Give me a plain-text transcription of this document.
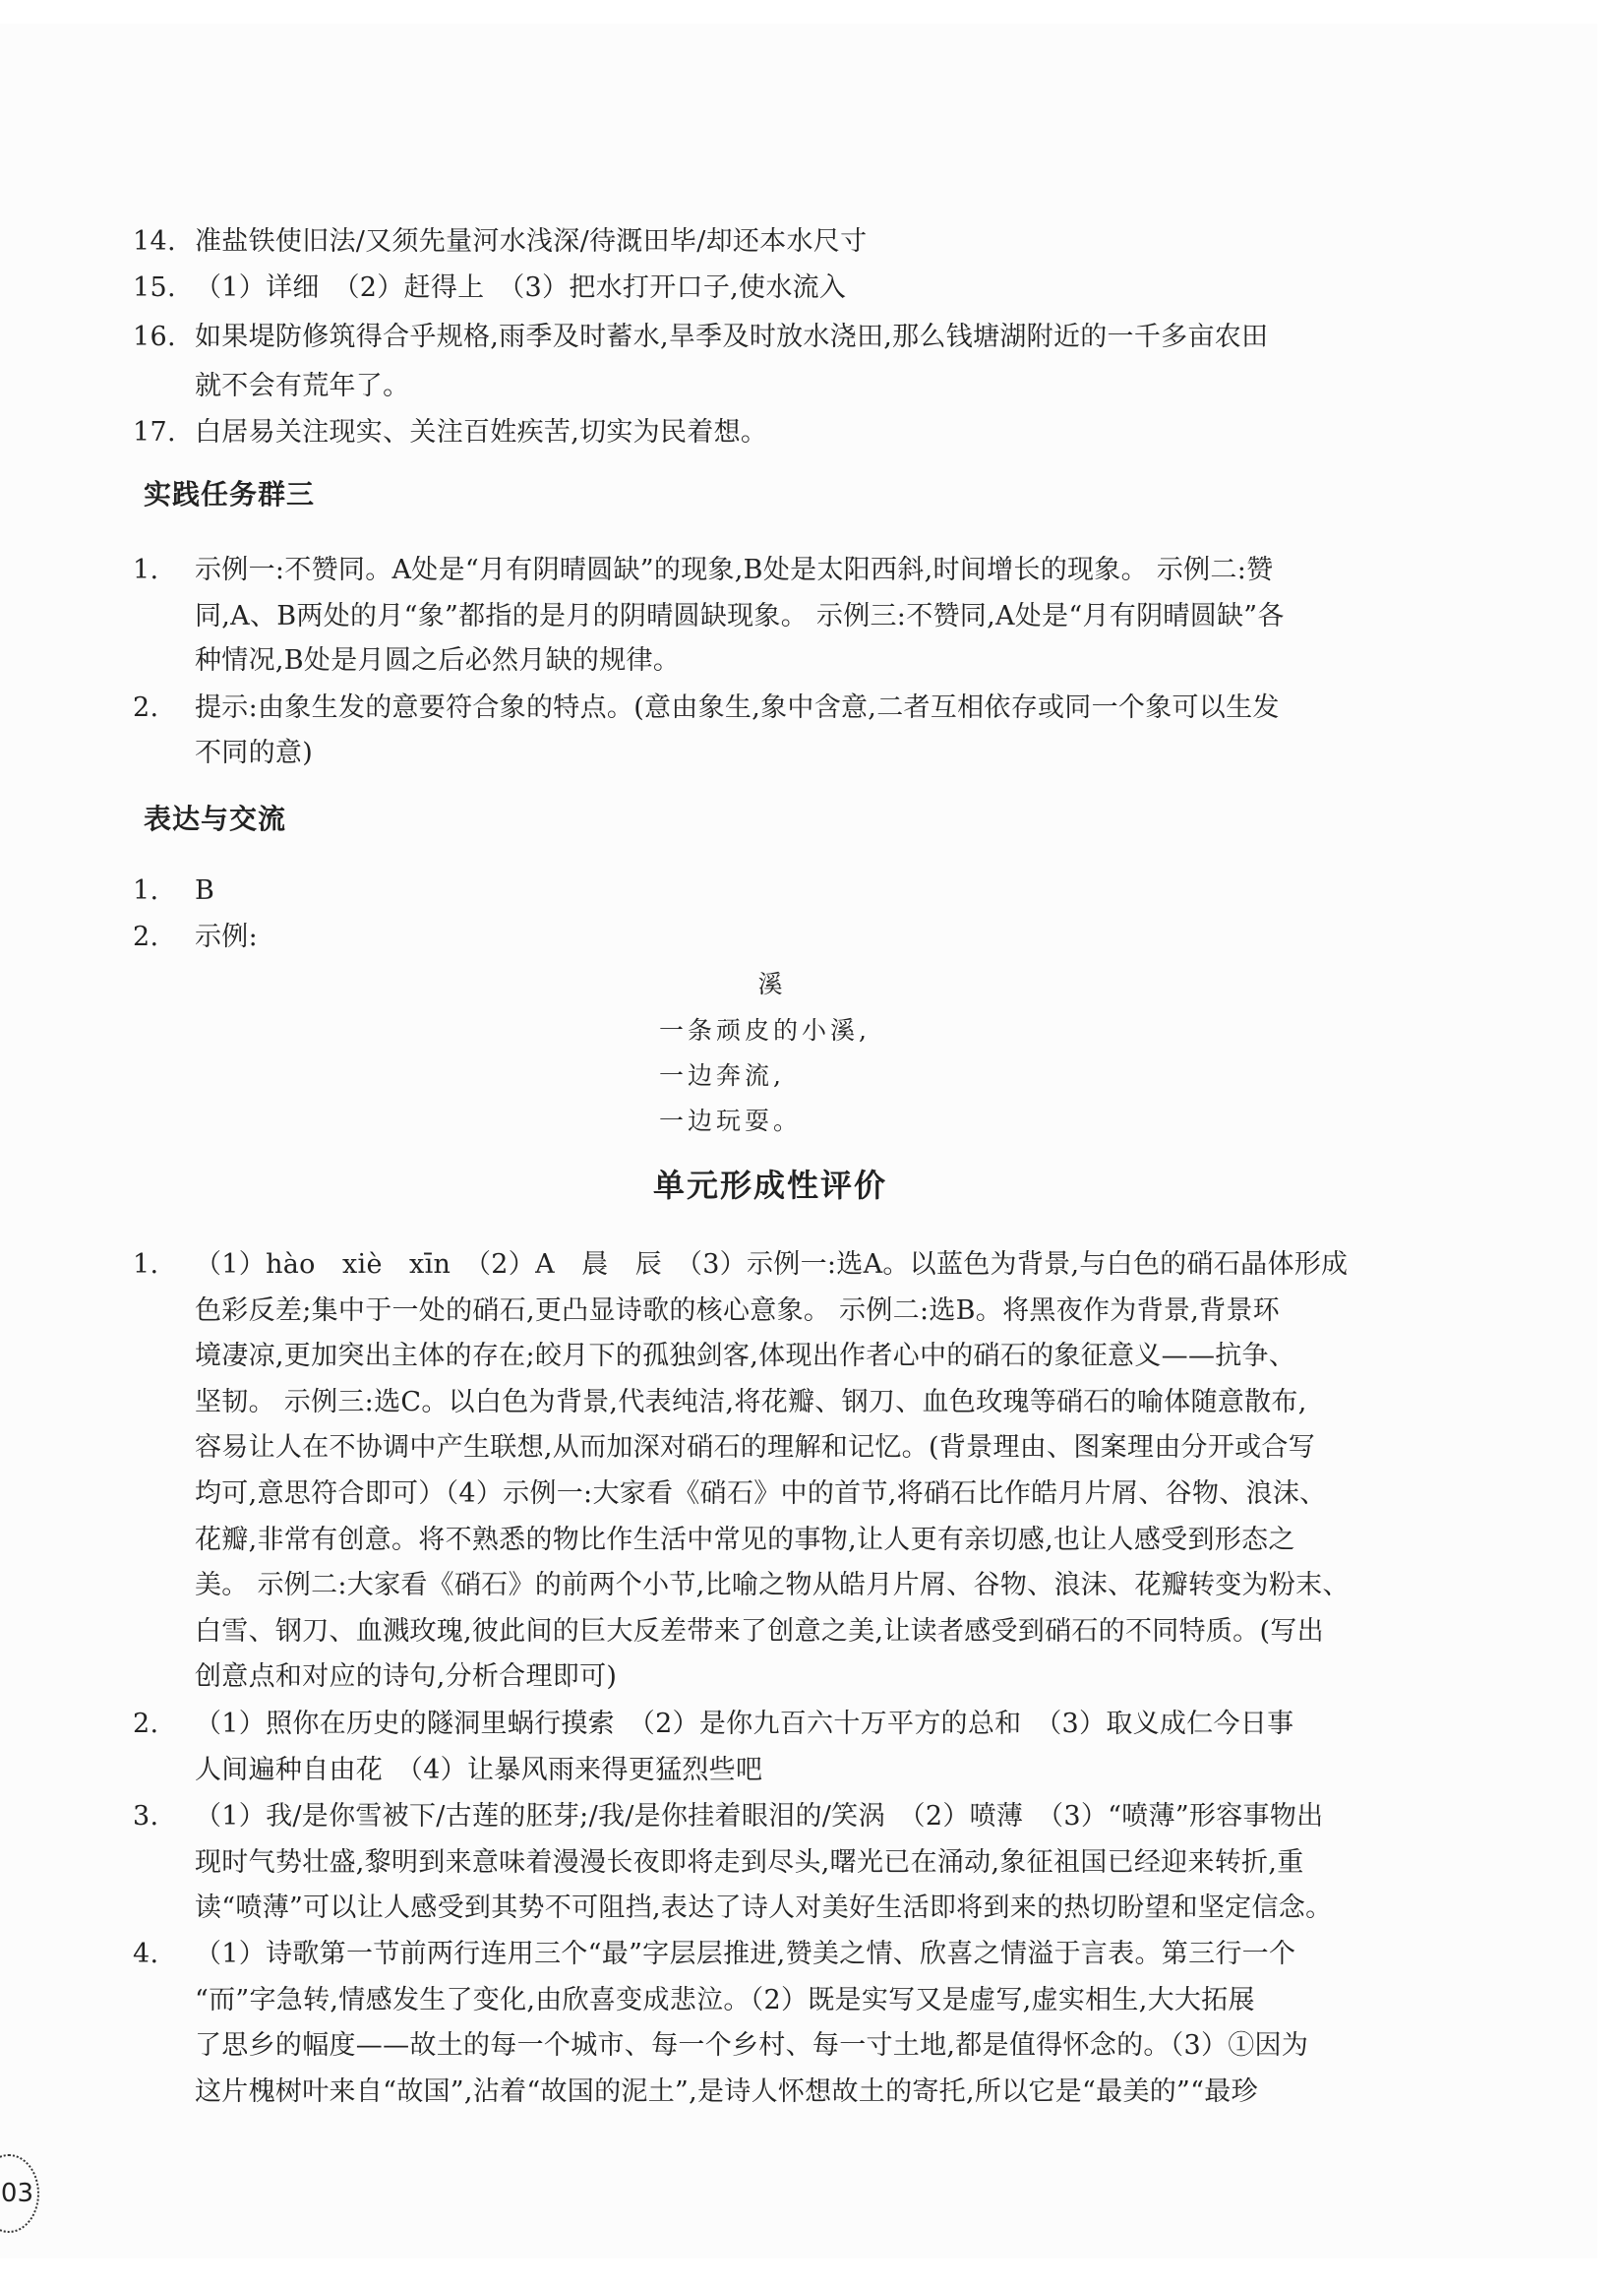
14. 准盐铁使旧法/又须先量河水浅深/待溉田毕/却还本水尺寸
15. （1）详细　（2）赶得上　（3）把水打开口子,使水流入
16. 如果堤防修筑得合乎规格,雨季及时蓄水,旱季及时放水浇田,那么钱塘湖附近的一千多亩农田
就不会有荒年了。
17. 白居易关注现实、关注百姓疾苦,切实为民着想。
实践任务群三
1. 示例一:不赞同。A处是“月有阴晴圆缺”的现象,B处是太阳西斜,时间增长的现象。 示例二:赞
同,A、B两处的月“象”都指的是月的阴晴圆缺现象。 示例三:不赞同,A处是“月有阴晴圆缺”各
种情况,B处是月圆之后必然月缺的规律。
2. 提示:由象生发的意要符合象的特点。(意由象生,象中含意,二者互相依存或同一个象可以生发
不同的意)
表达与交流
1. B
2. 示例:
溪
一条顽皮的小溪,
一边奔流,
一边玩耍。
单元形成性评价
1. （1）hào　xiè　xīn　（2）A　晨　辰　（3）示例一:选A。以蓝色为背景,与白色的硝石晶体形成
色彩反差;集中于一处的硝石,更凸显诗歌的核心意象。 示例二:选B。将黑夜作为背景,背景环
境凄凉,更加突出主体的存在;皎月下的孤独剑客,体现出作者心中的硝石的象征意义——抗争、
坚韧。 示例三:选C。以白色为背景,代表纯洁,将花瓣、钢刀、血色玫瑰等硝石的喻体随意散布,
容易让人在不协调中产生联想,从而加深对硝石的理解和记忆。(背景理由、图案理由分开或合写
均可,意思符合即可）（4）示例一:大家看《硝石》中的首节,将硝石比作皓月片屑、谷物、浪沫、
花瓣,非常有创意。将不熟悉的物比作生活中常见的事物,让人更有亲切感,也让人感受到形态之
美。 示例二:大家看《硝石》的前两个小节,比喻之物从皓月片屑、谷物、浪沫、花瓣转变为粉末、
白雪、钢刀、血溅玫瑰,彼此间的巨大反差带来了创意之美,让读者感受到硝石的不同特质。(写出
创意点和对应的诗句,分析合理即可)
2. （1）照你在历史的隧洞里蜗行摸索　（2）是你九百六十万平方的总和　（3）取义成仁今日事
人间遍种自由花　（4）让暴风雨来得更猛烈些吧
3. （1）我/是你雪被下/古莲的胚芽;/我/是你挂着眼泪的/笑涡　（2）喷薄　（3）“喷薄”形容事物出
现时气势壮盛,黎明到来意味着漫漫长夜即将走到尽头,曙光已在涌动,象征祖国已经迎来转折,重
读“喷薄”可以让人感受到其势不可阻挡,表达了诗人对美好生活即将到来的热切盼望和坚定信念。
4. （1）诗歌第一节前两行连用三个“最”字层层推进,赞美之情、欣喜之情溢于言表。第三行一个
“而”字急转,情感发生了变化,由欣喜变成悲泣。（2）既是实写又是虚写,虚实相生,大大拓展
了思乡的幅度——故土的每一个城市、每一个乡村、每一寸土地,都是值得怀念的。（3）①因为
这片槐树叶来自“故国”,沾着“故国的泥土”,是诗人怀想故土的寄托,所以它是“最美的”“最珍
03
